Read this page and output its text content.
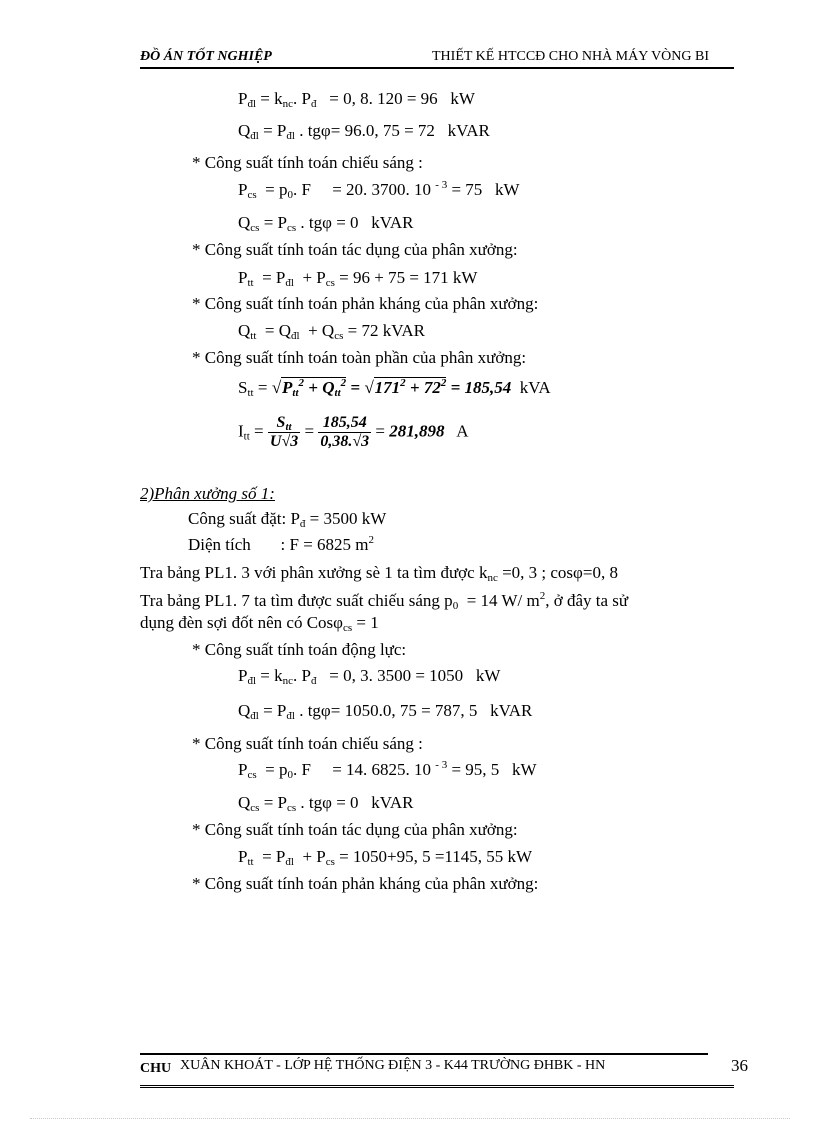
ĐỒ ÁN TỐT NGHIỆP	THIẾT KẾ HTCCĐ CHO NHÀ MÁY VÒNG BI
$P_{đl} = k_{nc}$. $P_đ = 0$, 8. 120 = 96   kW
$Q_{đl} = P_{đl}$ . tgφ= 96.0, 75 = 72   kVAR
* Công suất tính toán chiếu sáng :
$P_{cs} = p_0$. F     = 20. 3700. 10 $^{- 3}$ = 75   kW
$Q_{cs} = P_{cs}$ . tgφ = 0   kVAR
* Công suất tính toán tác dụng của phân xưởng:
$P_{tt} = P_{đl} + P_{cs} = 96 + 75 = 171$ kW
* Công suất tính toán phản kháng của phân xưởng:
$Q_{tt} = Q_{đl} + Q_{cs} = 72$ kVAR
* Công suất tính toán toàn phần của phân xưởng:
$S_{tt} = √P_{tt}^2 + Q_{tt}^2 = √171^2 + 72^2 = 185,54$  kVA
$I_{tt} = \frac{S_{tt}}{U√3} = \frac{185,54}{0,38.√3} = 281,898$   A
2)Phân xưởng số 1:
Công suất đặt: $P_đ = 3500$ kW
Diện tích       : F = 6825 $m^2$
Tra bảng PL1. 3 với phân xưởng sè 1 ta tìm được $k_{nc} =0$, 3 ; cosφ=0, 8
Tra bảng PL1. 7 ta tìm được suất chiếu sáng $p_0 = 14$ W/ $m^2$, ở đây ta sử
dụng đèn sợi đốt nên có Cosφ$_{cs}$ = 1
* Công suất tính toán động lực:
$P_{đl} = k_{nc}$. $P_đ = 0$, 3. 3500 = 1050   kW
$Q_{đl} = P_{đl}$ . tgφ= 1050.0, 75 = 787, 5   kVAR
* Công suất tính toán chiếu sáng :
$P_{cs} = p_0$. F     = 14. 6825. 10 $^{- 3}$ = 95, 5   kW
$Q_{cs} = P_{cs}$ . tgφ = 0   kVAR
* Công suất tính toán tác dụng của phân xưởng:
$P_{tt} = P_{đl} + P_{cs} = 1050+95$, 5 =1145, 55 kW
* Công suất tính toán phản kháng của phân xưởng:
CHU XUÂN KHOÁT - LỚP HỆ THỐNG ĐIỆN 3 - K44 TRƯỜNG ĐHBK - HN	36
